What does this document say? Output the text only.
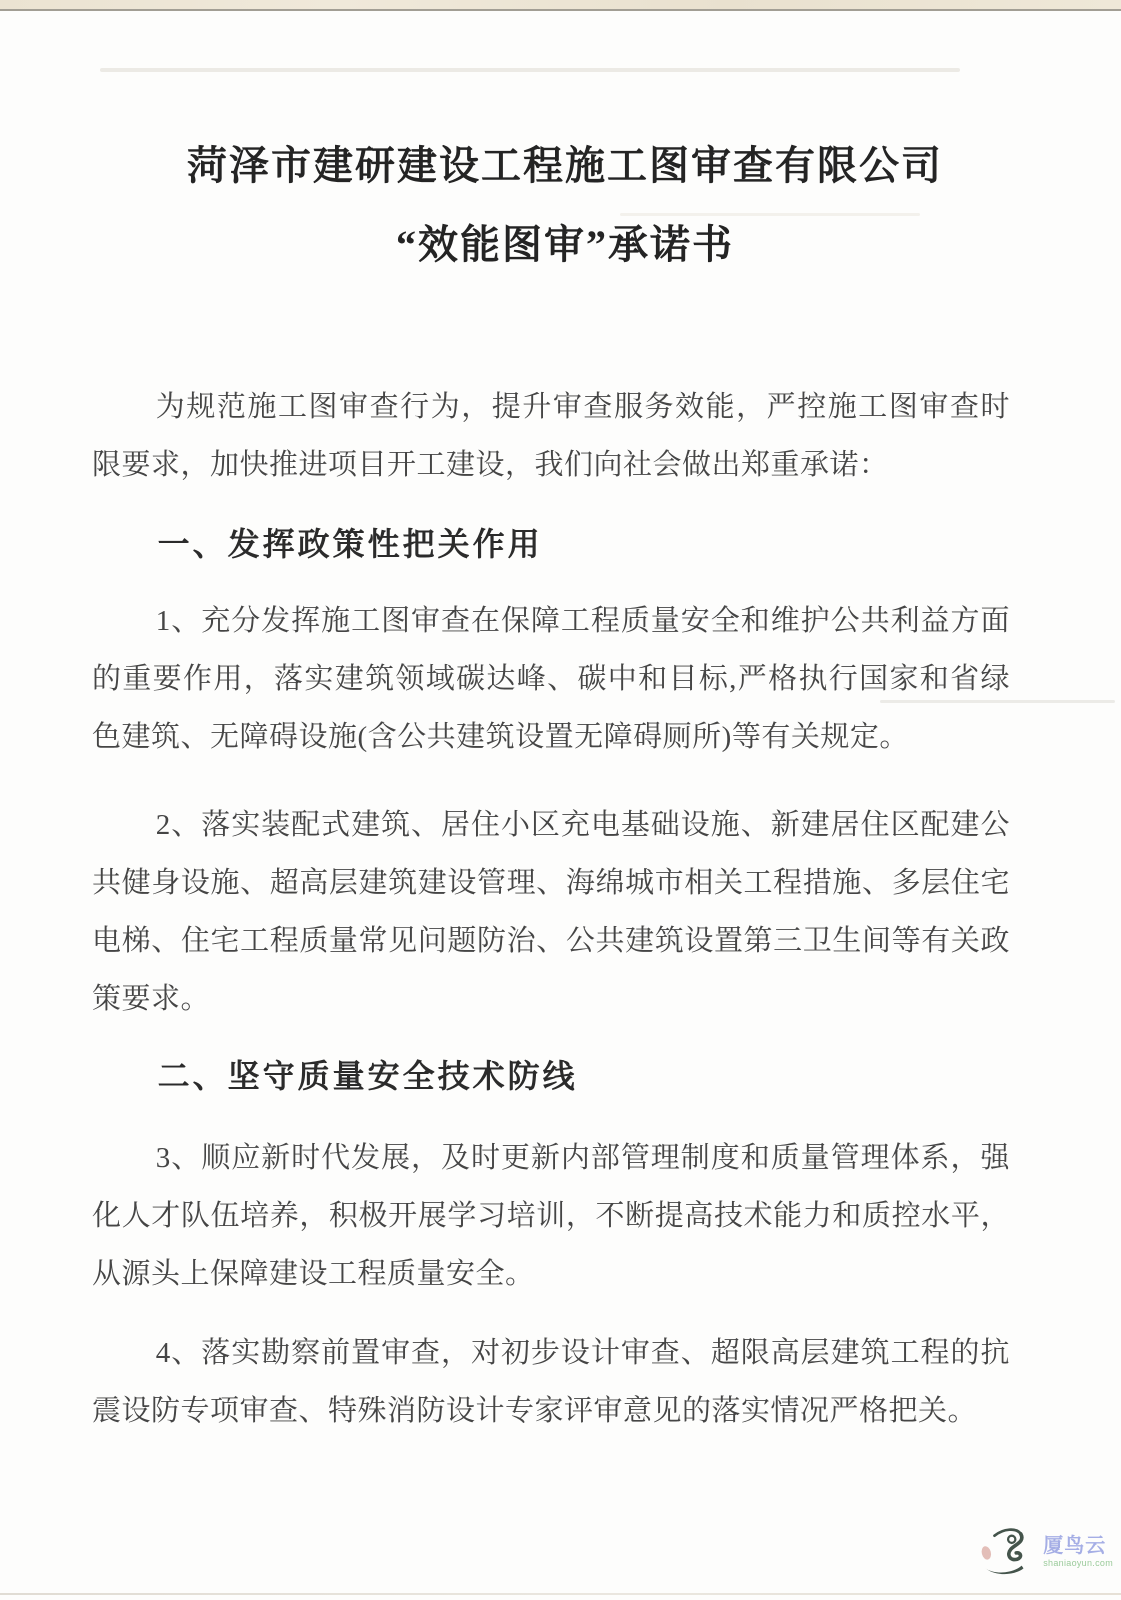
菏泽市建研建设工程施工图审查有限公司
“效能图审”承诺书

为规范施工图审查行为，提升审查服务效能，严控施工图审查时限要求，加快推进项目开工建设，我们向社会做出郑重承诺：

一、发挥政策性把关作用

1、充分发挥施工图审查在保障工程质量安全和维护公共利益方面的重要作用，落实建筑领域碳达峰、碳中和目标,严格执行国家和省绿色建筑、无障碍设施(含公共建筑设置无障碍厕所)等有关规定。

2、落实装配式建筑、居住小区充电基础设施、新建居住区配建公共健身设施、超高层建筑建设管理、海绵城市相关工程措施、多层住宅电梯、住宅工程质量常见问题防治、公共建筑设置第三卫生间等有关政策要求。

二、坚守质量安全技术防线

3、顺应新时代发展，及时更新内部管理制度和质量管理体系，强化人才队伍培养，积极开展学习培训，不断提高技术能力和质控水平，从源头上保障建设工程质量安全。

4、落实勘察前置审查，对初步设计审查、超限高层建筑工程的抗震设防专项审查、特殊消防设计专家评审意见的落实情况严格把关。

厦鸟云
shaniaoyun.com
